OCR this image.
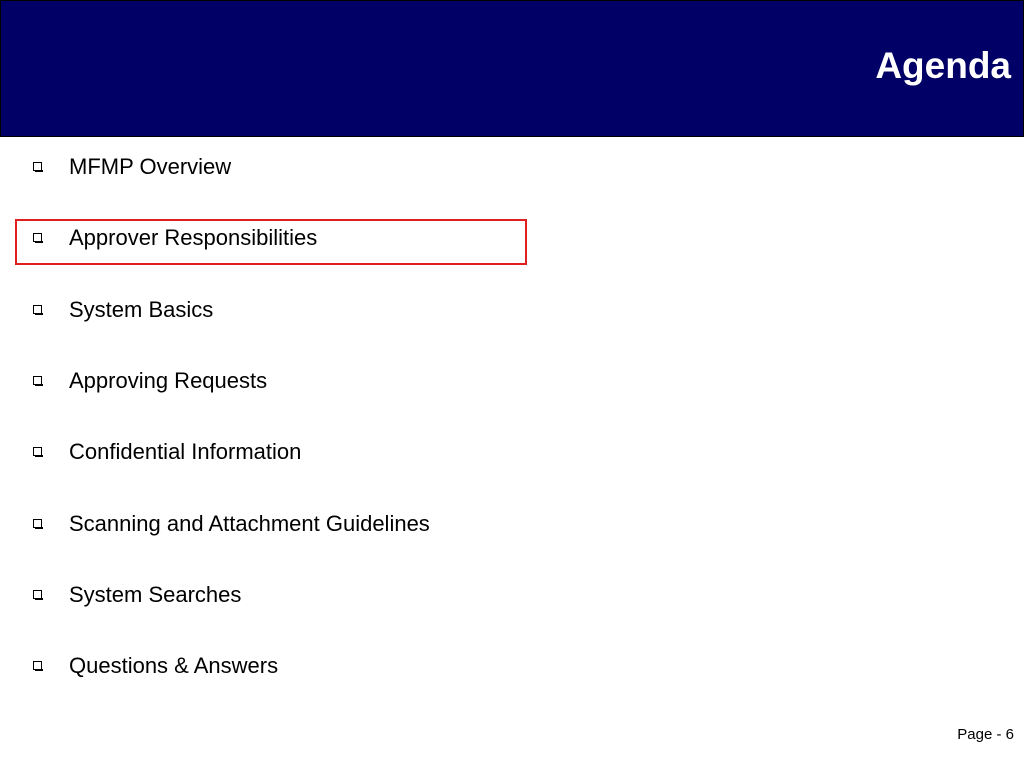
Agenda
MFMP Overview
Approver Responsibilities
System Basics
Approving Requests
Confidential Information
Scanning and Attachment Guidelines
System Searches
Questions & Answers
Page - 6
